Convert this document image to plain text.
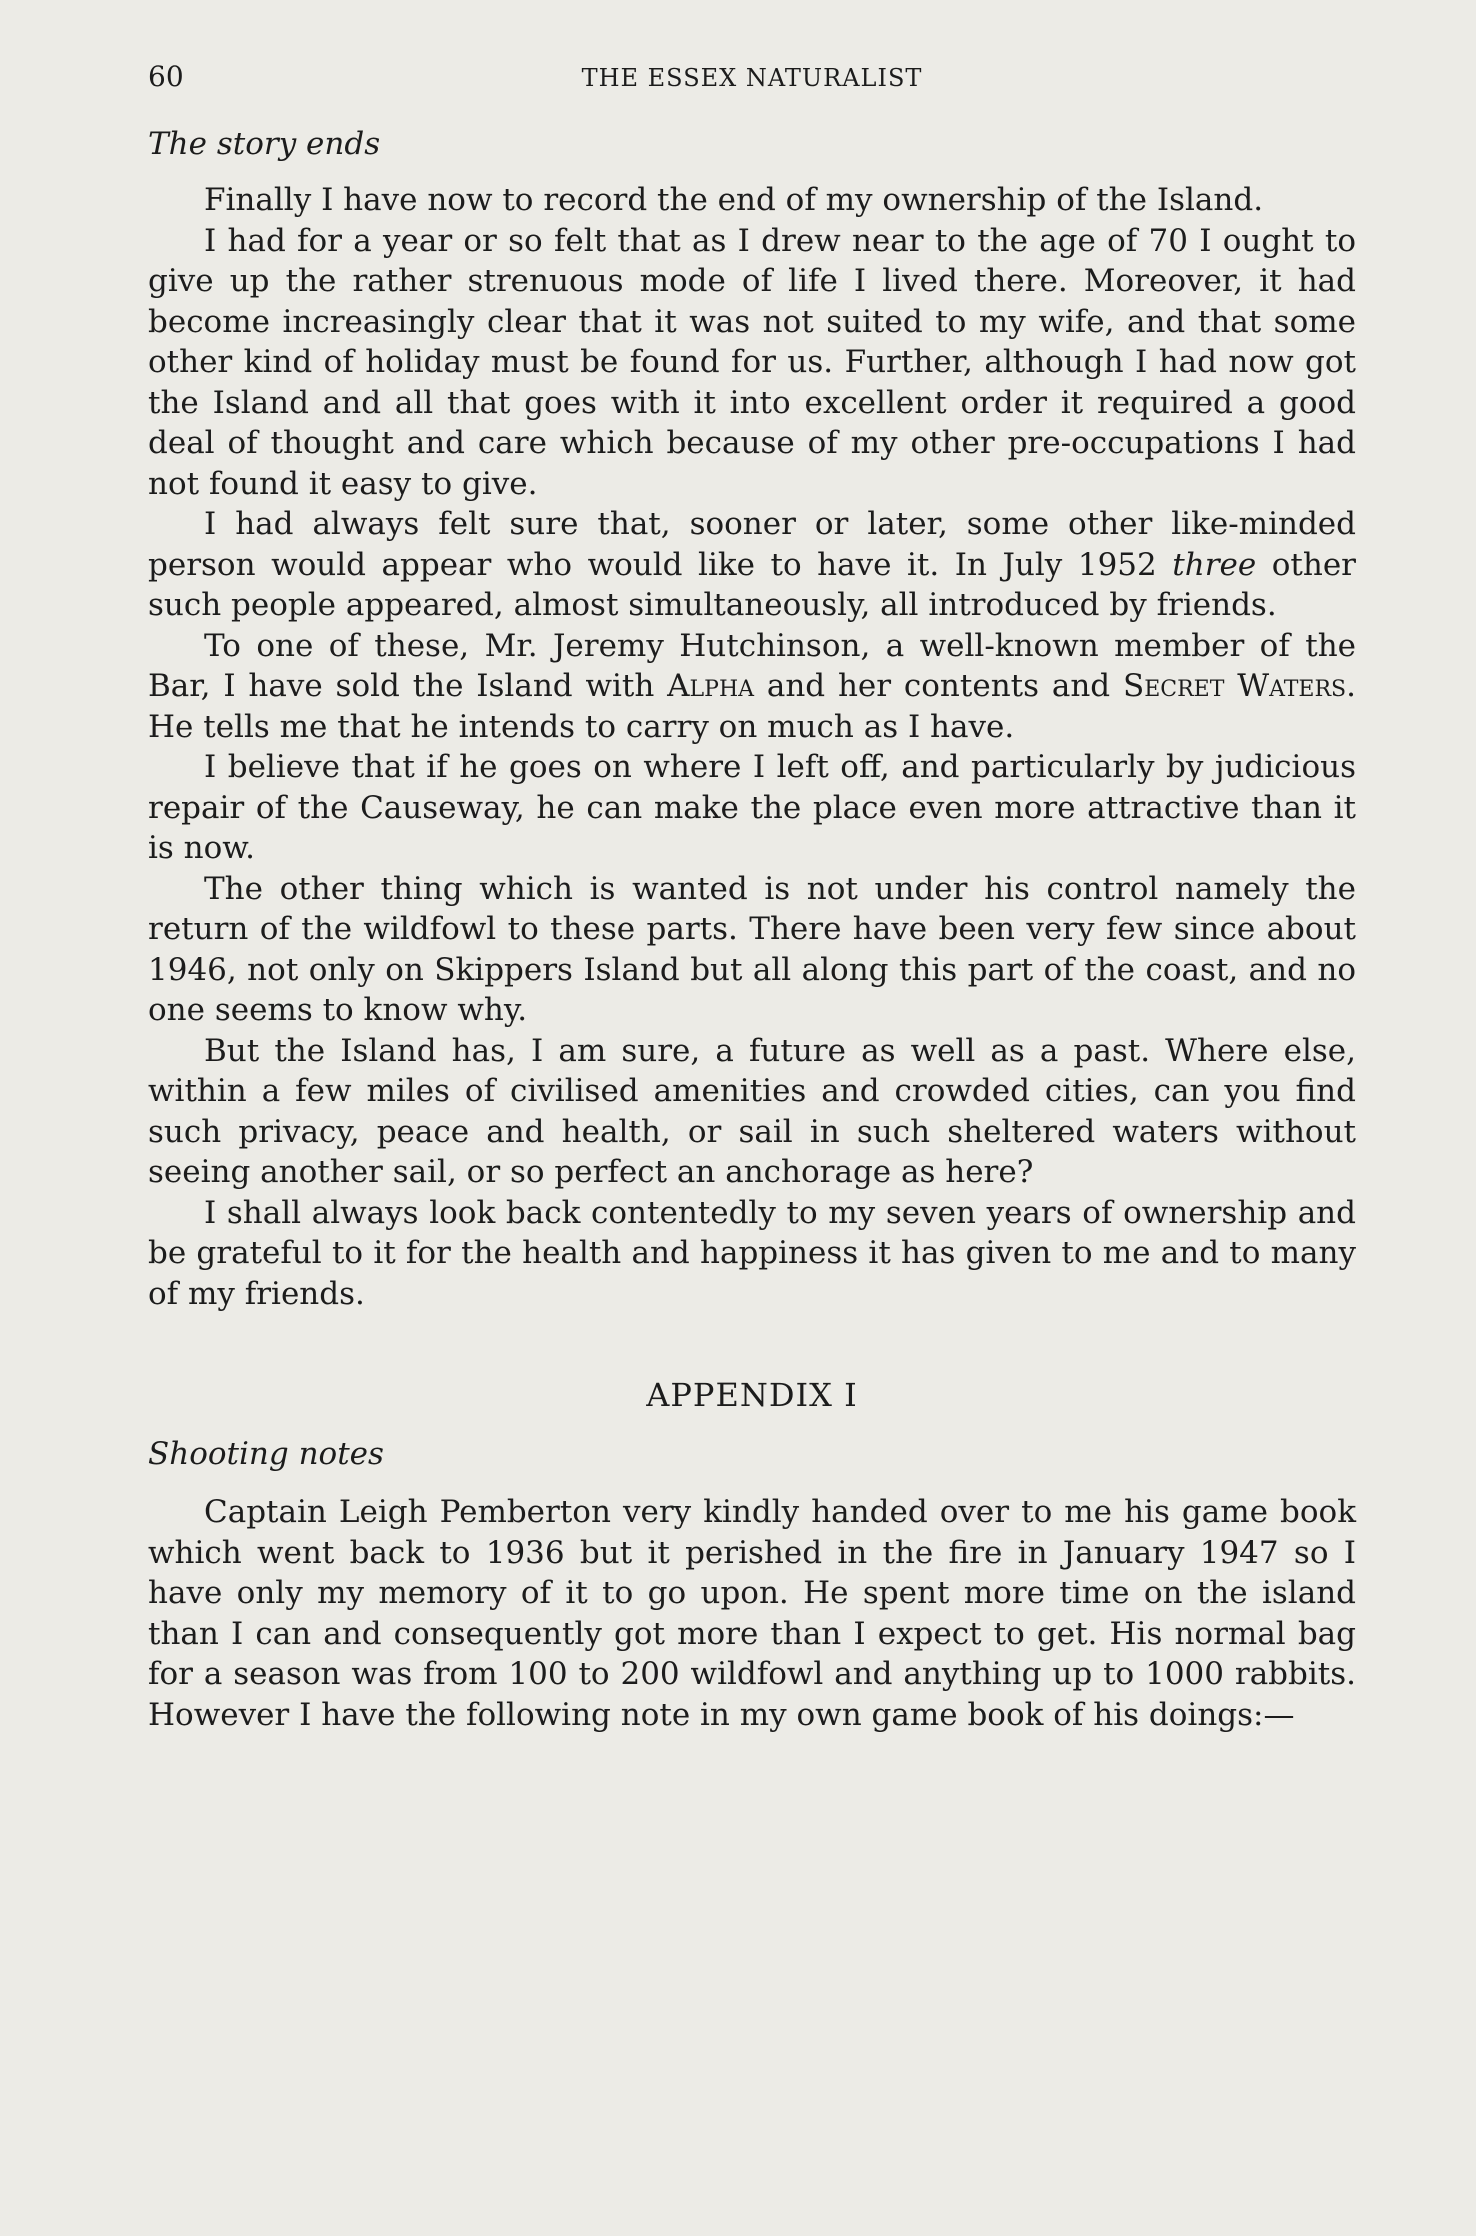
60	THE ESSEX NATURALIST
The story ends

Finally I have now to record the end of my ownership of the Island.

I had for a year or so felt that as I drew near to the age of 70 I ought to give up the rather strenuous mode of life I lived there. Moreover, it had become increasingly clear that it was not suited to my wife, and that some other kind of holiday must be found for us. Further, although I had now got the Island and all that goes with it into excellent order it required a good deal of thought and care which because of my other pre-occupations I had not found it easy to give.

I had always felt sure that, sooner or later, some other like-minded person would appear who would like to have it. In July 1952 three other such people appeared, almost simultaneously, all introduced by friends.

To one of these, Mr. Jeremy Hutchinson, a well-known member of the Bar, I have sold the Island with Alpha and her contents and Secret Waters. He tells me that he intends to carry on much as I have.

I believe that if he goes on where I left off, and particularly by judicious repair of the Causeway, he can make the place even more attractive than it is now.

The other thing which is wanted is not under his control namely the return of the wildfowl to these parts. There have been very few since about 1946, not only on Skippers Island but all along this part of the coast, and no one seems to know why.

But the Island has, I am sure, a future as well as a past. Where else, within a few miles of civilised amenities and crowded cities, can you find such privacy, peace and health, or sail in such sheltered waters without seeing another sail, or so perfect an anchorage as here?

I shall always look back contentedly to my seven years of ownership and be grateful to it for the health and happiness it has given to me and to many of my friends.

APPENDIX I
Shooting notes

Captain Leigh Pemberton very kindly handed over to me his game book which went back to 1936 but it perished in the fire in January 1947 so I have only my memory of it to go upon. He spent more time on the island than I can and consequently got more than I expect to get. His normal bag for a season was from 100 to 200 wildfowl and anything up to 1000 rabbits. However I have the following note in my own game book of his doings:—
